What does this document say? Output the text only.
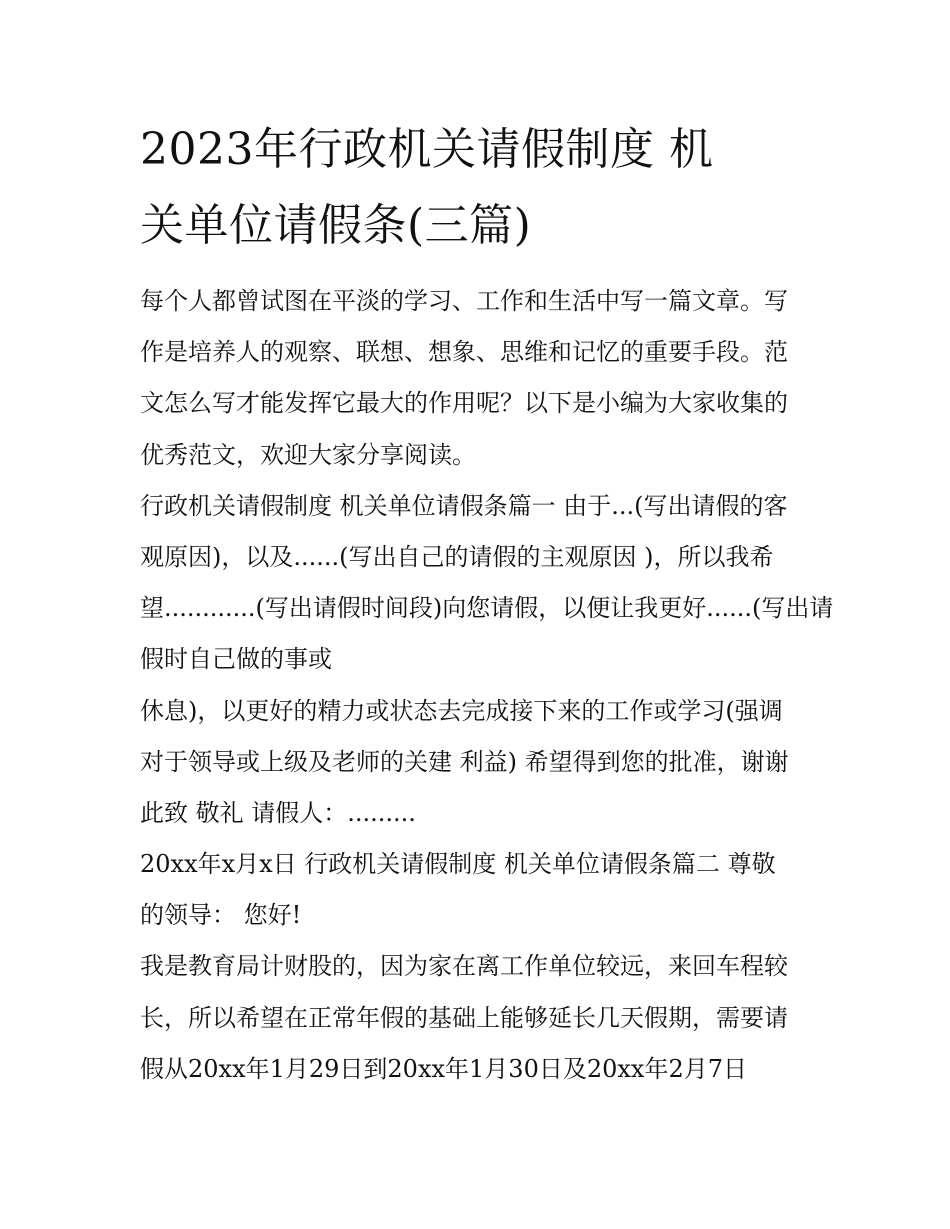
2023年行政机关请假制度 机
关单位请假条(三篇)
每个人都曾试图在平淡的学习、工作和生活中写一篇文章。写
作是培养人的观察、联想、想象、思维和记忆的重要手段。范
文怎么写才能发挥它最大的作用呢？以下是小编为大家收集的
优秀范文，欢迎大家分享阅读。
行政机关请假制度 机关单位请假条篇一 由于...(写出请假的客
观原因)，以及......(写出自己的请假的主观原因 )，所以我希
望............(写出请假时间段)向您请假，以便让我更好......(写出请
假时自己做的事或
休息)，以更好的精力或状态去完成接下来的工作或学习(强调
对于领导或上级及老师的关建 利益) 希望得到您的批准，谢谢
此致 敬礼 请假人：.........
20xx年x月x日 行政机关请假制度 机关单位请假条篇二 尊敬
的领导： 您好!
我是教育局计财股的，因为家在离工作单位较远，来回车程较
长，所以希望在正常年假的基础上能够延长几天假期，需要请
假从20xx年1月29日到20xx年1月30日及20xx年2月7日
